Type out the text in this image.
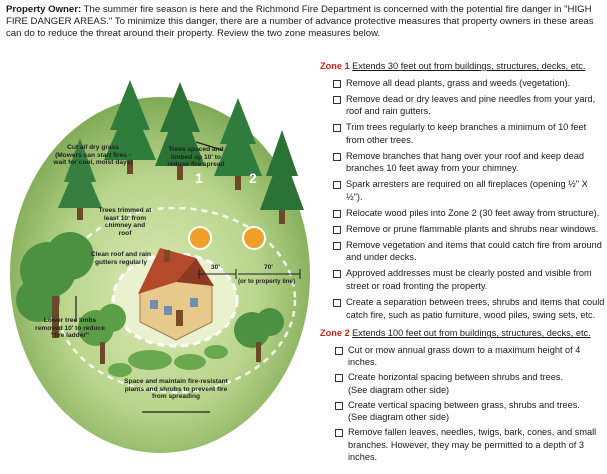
Property Owner: The summer fire season is here and the Richmond Fire Department is concerned with the potential fire danger in "HIGH FIRE DANGER AREAS." To minimize this danger, there are a number of advance protective measures that property owners in these areas can do to reduce the threat around their property. Review the two zone measures below.
Cut all dry grass
(Mowers can start fires -
wait for cool, moist days)
Trees spaced and limbed up 10' to reduce fire spread
Trees trimmed at least 10' from chimney and roof
Clean roof and rain gutters regularly
Lower tree limbs removed 10' to reduce "fire ladder"
Space and maintain fire-resistant plants and shrubs to prevent fire from spreading
30'	70'
(or to property line)
1	2
Zone 1 Extends 30 feet out from buildings, structures, decks, etc.
Remove all dead plants, grass and weeds (vegetation).
Remove dead or dry leaves and pine needles from your yard,
roof and rain gutters.
Trim trees regularly to keep branches a minimum of 10 feet
from other trees.
Remove branches that hang over your roof and keep dead
branches 10 feet away from your chimney.
Spark arresters are required on all fireplaces (opening ½" X ½").
Relocate wood piles into Zone 2 (30 feet away from structure).
Remove or prune flammable plants and shrubs near windows.
Remove vegetation and items that could catch fire from around
and under decks.
Approved addresses must be clearly posted and visible from
street or road fronting the property.
Create a separation between trees, shrubs and items that could
catch fire, such as patio furniture, wood piles, swing sets, etc.
Zone 2 Extends 100 feet out from buildings, structures, decks, etc.
Cut or mow annual grass down to a maximum height of 4 inches.
Create horizontal spacing between shrubs and trees.
(See diagram other side)
Create vertical spacing between grass, shrubs and trees.
(See diagram other side)
Remove fallen leaves, needles, twigs, bark, cones, and small
branches. However, they may be permitted to a depth of 3
inches.
